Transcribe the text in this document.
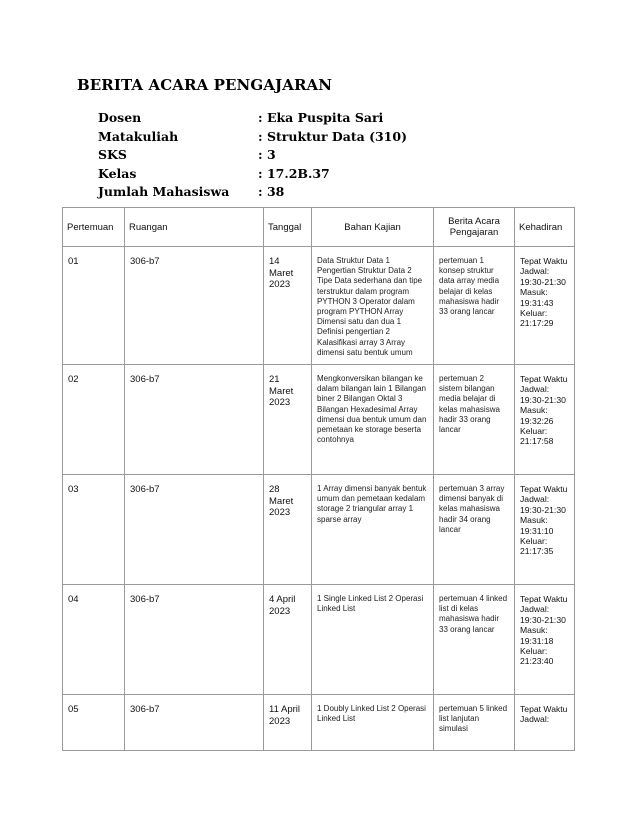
BERITA ACARA PENGAJARAN
Dosen	: Eka Puspita Sari
Matakuliah	: Struktur Data (310)
SKS	: 3
Kelas	: 17.2B.37
Jumlah Mahasiswa : 38
Pertemuan	Ruangan	Tanggal	Bahan Kajian	Berita Acara Pengajaran	Kehadiran
01	306-b7	14 Maret 2023	Data Struktur Data 1 Pengertian Struktur Data 2 Tipe Data sederhana dan tipe terstruktur dalam program PYTHON 3 Operator dalam program PYTHON Array Dimensi satu dan dua 1 Definisi pengertian 2 Kalasifikasi array 3 Array dimensi satu bentuk umum	pertemuan 1 konsep struktur data array media belajar di kelas mahasiswa hadir 33 orang lancar	Tepat Waktu Jadwal: 19:30-21:30 Masuk: 19:31:43 Keluar: 21:17:29
02	306-b7	21 Maret 2023	Mengkonversikan bilangan ke dalam bilangan lain 1 Bilangan biner 2 Bilangan Oktal 3 Bilangan Hexadesimal Array dimensi dua bentuk umum dan pemetaan ke storage beserta contohnya	pertemuan 2 sistem bilangan media belajar di kelas mahasiswa hadir 33 orang lancar	Tepat Waktu Jadwal: 19:30-21:30 Masuk: 19:32:26 Keluar: 21:17:58
03	306-b7	28 Maret 2023	1 Array dimensi banyak bentuk umum dan pemetaan kedalam storage 2 triangular array 1 sparse array	pertemuan 3 array dimensi banyak di kelas mahasiswa hadir 34 orang lancar	Tepat Waktu Jadwal: 19:30-21:30 Masuk: 19:31:10 Keluar: 21:17:35
04	306-b7	4 April 2023	1 Single Linked List 2 Operasi Linked List	pertemuan 4 linked list di kelas mahasiswa hadir 33 orang lancar	Tepat Waktu Jadwal: 19:30-21:30 Masuk: 19:31:18 Keluar: 21:23:40
05	306-b7	11 April 2023	1 Doubly Linked List 2 Operasi Linked List	pertemuan 5 linked list lanjutan simulasi	Tepat Waktu Jadwal:
